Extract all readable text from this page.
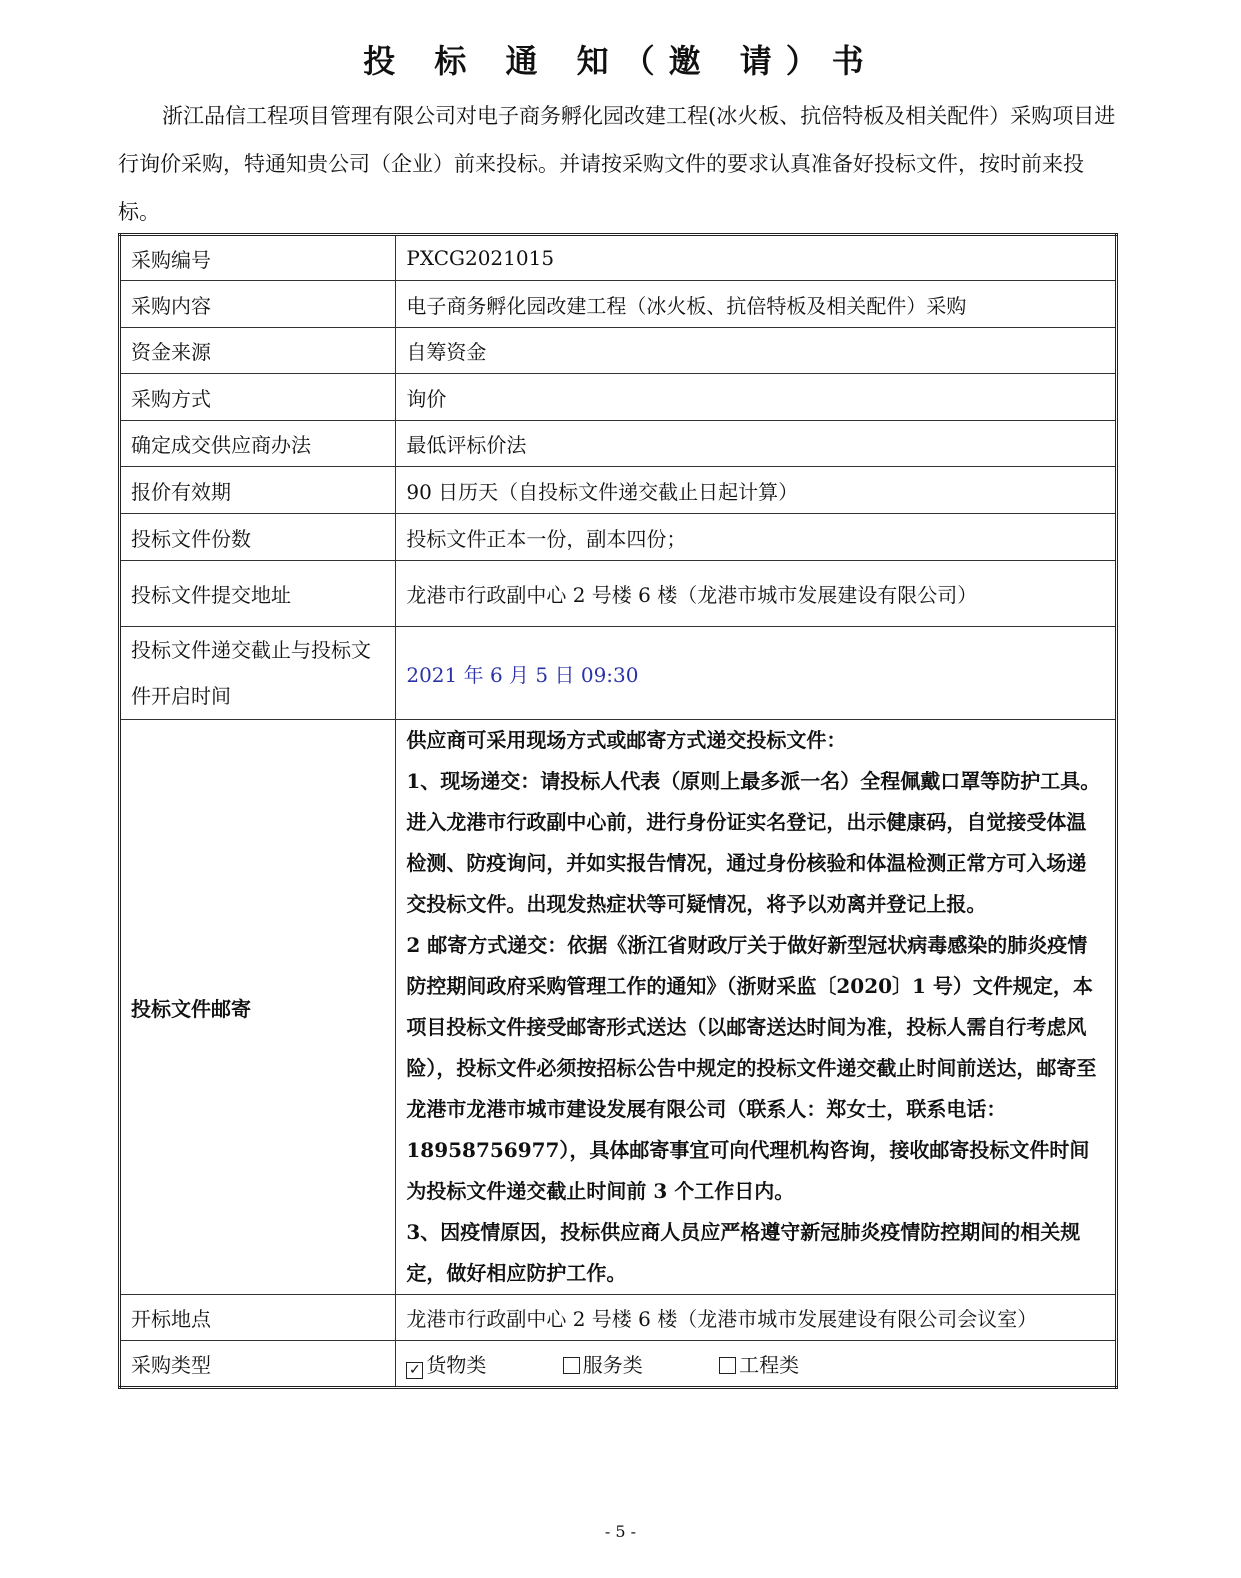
投 标 通 知（邀 请）书

浙江品信工程项目管理有限公司对电子商务孵化园改建工程(冰火板、抗倍特板及相关配件）采购项目进行询价采购，特通知贵公司（企业）前来投标。并请按采购文件的要求认真准备好投标文件，按时前来投标。

采购编号	PXCG2021015
采购内容	电子商务孵化园改建工程（冰火板、抗倍特板及相关配件）采购
资金来源	自筹资金
采购方式	询价
确定成交供应商办法	最低评标价法
报价有效期	90 日历天（自投标文件递交截止日起计算）
投标文件份数	投标文件正本一份，副本四份；
投标文件提交地址	龙港市行政副中心 2 号楼 6 楼（龙港市城市发展建设有限公司）
投标文件递交截止与投标文件开启时间	2021 年 6 月 5 日 09:30
投标文件邮寄	供应商可采用现场方式或邮寄方式递交投标文件：

1、现场递交：请投标人代表（原则上最多派一名）全程佩戴口罩等防护工具。进入龙港市行政副中心前，进行身份证实名登记，出示健康码，自觉接受体温检测、防疫询问，并如实报告情况，通过身份核验和体温检测正常方可入场递交投标文件。出现发热症状等可疑情况，将予以劝离并登记上报。

2 邮寄方式递交：依据《浙江省财政厅关于做好新型冠状病毒感染的肺炎疫情防控期间政府采购管理工作的通知》（浙财采监〔2020〕1 号）文件规定，本项目投标文件接受邮寄形式送达（以邮寄送达时间为准，投标人需自行考虑风险），投标文件必须按招标公告中规定的投标文件递交截止时间前送达，邮寄至龙港市龙港市城市建设发展有限公司（联系人：郑女士，联系电话：18958756977），具体邮寄事宜可向代理机构咨询，接收邮寄投标文件时间为投标文件递交截止时间前 3 个工作日内。

3、因疫情原因，投标供应商人员应严格遵守新冠肺炎疫情防控期间的相关规定，做好相应防护工作。

开标地点	龙港市行政副中心 2 号楼 6 楼（龙港市城市发展建设有限公司会议室）
采购类型	✓ 货物类 服务类 工程类
- 5 -
